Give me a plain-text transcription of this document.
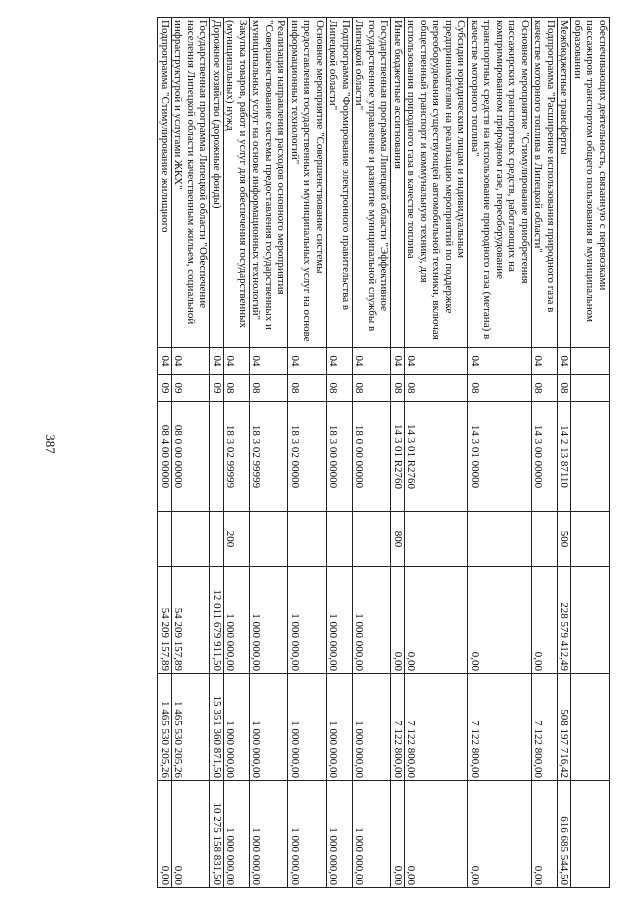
387
обеспечивающих деятельность, связанную с перевозками пассажиров транспортом общего пользования в муниципальном образовании							
Межбюджетные трансферты	04	08	14 2 13 87110	500	228 579 412,49	508 197 716,42	616 685 544,50
Подпрограмма "Расширение использования природного газа в качестве моторного топлива в Липецкой области"	04	08	14 3 00 00000		0,00	7 122 800,00	0,00
Основное мероприятие "Стимулирование приобретения пассажирских транспортных средств, работающих на компримированном природном газе, переоборудование транспортных средств на использование природного газа (метана) в качестве моторного топлива"	04	08	14 3 01 00000		0,00	7 122 800,00	0,00
Субсидии юридическим лицам и индивидуальным предпринимателям на реализацию мероприятий по поддержке переоборудования существующей автомобильной техники, включая общественный транспорт и коммунальную технику, для использования природного газа в качестве топлива	04	08	14 3 01 R2760		0,00	7 122 800,00	0,00
Иные бюджетные ассигнования	04	08	14 3 01 R2760	800	0,00	7 122 800,00	0,00
Государственная программа Липецкой области "Эффективное государственное управление и развитие муниципальной службы в Липецкой области"	04	08	18 0 00 00000		1 000 000,00	1 000 000,00	1 000 000,00
Подпрограмма "Формирование электронного правительства в Липецкой области"	04	08	18 3 00 00000		1 000 000,00	1 000 000,00	1 000 000,00
Основное мероприятие "Совершенствование системы предоставления государственных и муниципальных услуг на основе информационных технологий"	04	08	18 3 02 00000		1 000 000,00	1 000 000,00	1 000 000,00
Реализация направления расходов основного мероприятия "Совершенствование системы предоставления государственных и муниципальных услуг на основе информационных технологий"	04	08	18 3 02 99999		1 000 000,00	1 000 000,00	1 000 000,00
Закупка товаров, работ и услуг для обеспечения государственных (муниципальных) нужд	04	08	18 3 02 99999	200	1 000 000,00	1 000 000,00	1 000 000,00
Дорожное хозяйство (дорожные фонды)	04	09			12 011 679 911,50	15 351 360 871,50	10 275 158 831,50
Государственная программа Липецкой области "Обеспечение населения Липецкой области качественным жильем, социальной инфраструктурой и услугами ЖКХ"	04	09	08 0 00 00000		54 209 157,89	1 465 530 205,26	0,00
Подпрограмма "Стимулирование жилищного	04	09	08 4 00 00000		54 209 157,89	1 465 530 205,26	0,00
